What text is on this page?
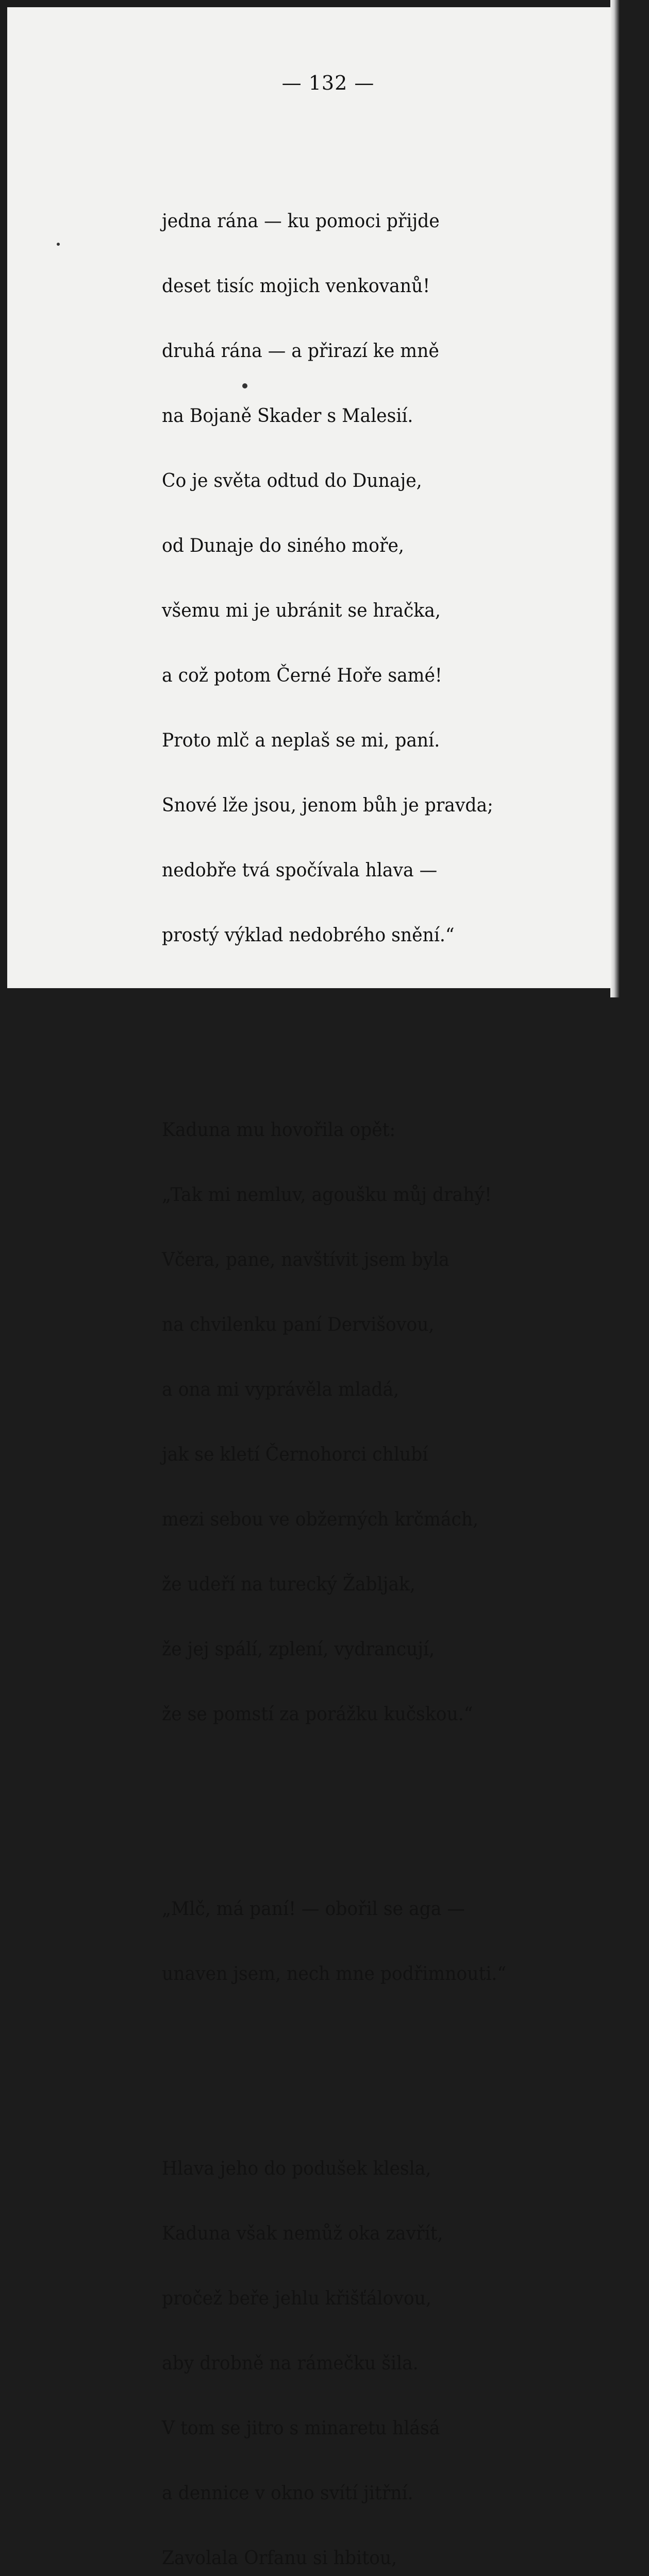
— 132 —

jedna rána — ku pomoci přijde

deset tisíc mojich venkovanů!

druhá rána — a přirazí ke mně

na Bojaně Skader s Malesií.

Co je světa odtud do Dunaje,

od Dunaje do siného moře,

všemu mi je ubránit se hračka,

a což potom Černé Hoře samé!

Proto mlč a neplaš se mi, paní.

Snové lže jsou, jenom bůh je pravda;

nedobře tvá spočívala hlava —

prostý výklad nedobrého snění.“

Kaduna mu hovořila opět:

„Tak mi nemluv, agoušku můj drahý!

Včera, pane, navštívit jsem byla

na chvilenku paní Dervišovou,

a ona mi vyprávěla mladá,

jak se kletí Černohorci chlubí

mezi sebou ve obžerných krčmách,

že udeří na turecký Žabljak,

že jej spálí, zplení, vydrancují,

že se pomstí za porážku kučskou.“

„Mlč, má paní! — obořil se aga —

unaven jsem, nech mne podřimnouti.“

Hlava jeho do podušek klesla,

Kaduna však nemůž oka zavřít,

pročež beře jehlu křišťálovou,

aby drobně na rámečku šila.

V tom se jitro s minaretu hlásá

a dennice v okno svítí jitřní.

Zavolala Orfanu si hbitou,
